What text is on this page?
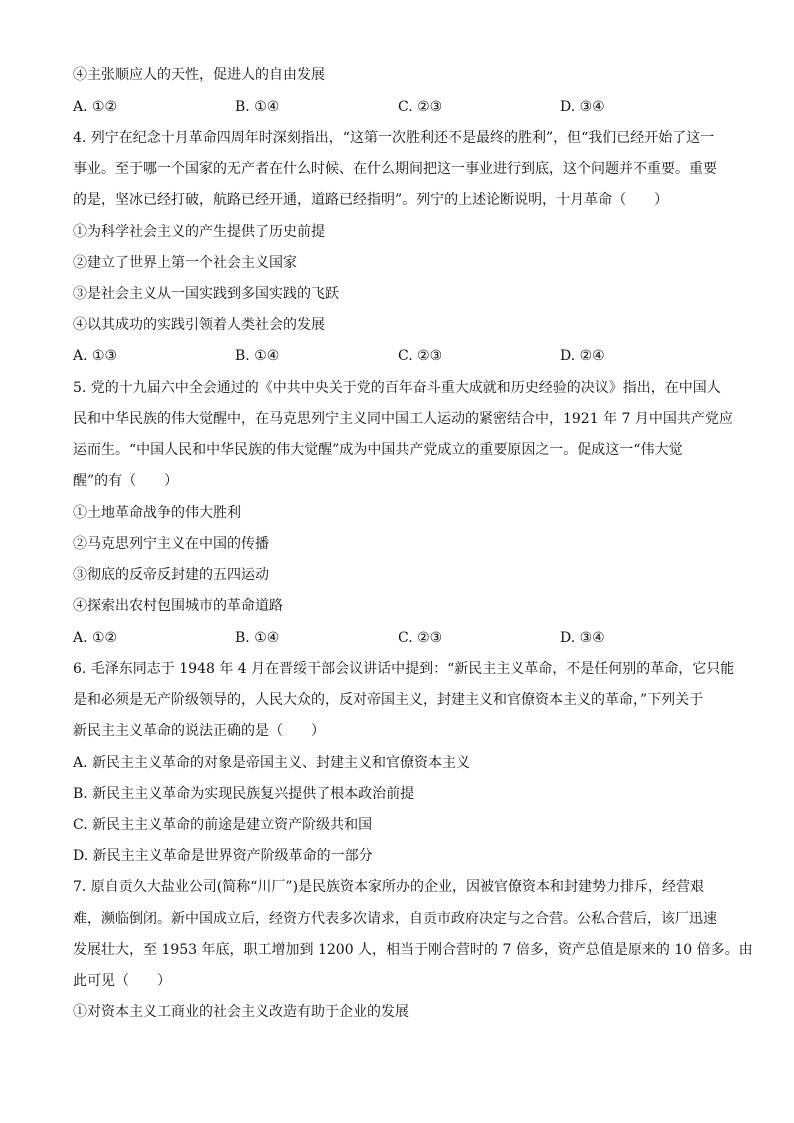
④主张顺应人的天性，促进人的自由发展
A. ①②	B. ①④	C. ②③	D. ③④
4. 列宁在纪念十月革命四周年时深刻指出，“这第一次胜利还不是最终的胜利”，但“我们已经开始了这一
事业。至于哪一个国家的无产者在什么时候、在什么期间把这一事业进行到底，这个问题并不重要。重要
的是，坚冰已经打破，航路已经开通，道路已经指明”。列宁的上述论断说明，十月革命（　　）
①为科学社会主义的产生提供了历史前提
②建立了世界上第一个社会主义国家
③是社会主义从一国实践到多国实践的飞跃
④以其成功的实践引领着人类社会的发展
A. ①③	B. ①④	C. ②③	D. ②④
5. 党的十九届六中全会通过的《中共中央关于党的百年奋斗重大成就和历史经验的决议》指出，在中国人
民和中华民族的伟大觉醒中，在马克思列宁主义同中国工人运动的紧密结合中，1921 年 7 月中国共产党应
运而生。“中国人民和中华民族的伟大觉醒”成为中国共产党成立的重要原因之一。促成这一“伟大觉
醒”的有（　　）
①土地革命战争的伟大胜利
②马克思列宁主义在中国的传播
③彻底的反帝反封建的五四运动
④探索出农村包围城市的革命道路
A. ①②	B. ①④	C. ②③	D. ③④
6. 毛泽东同志于 1948 年 4 月在晋绥干部会议讲话中提到：“新民主主义革命，不是任何别的革命，它只能
是和必须是无产阶级领导的，人民大众的，反对帝国主义，封建主义和官僚资本主义的革命，”下列关于
新民主主义革命的说法正确的是（　　）
A. 新民主主义革命的对象是帝国主义、封建主义和官僚资本主义
B. 新民主主义革命为实现民族复兴提供了根本政治前提
C. 新民主主义革命的前途是建立资产阶级共和国
D. 新民主主义革命是世界资产阶级革命的一部分
7. 原自贡久大盐业公司(简称“川厂”)是民族资本家所办的企业，因被官僚资本和封建势力排斥，经营艰
难，濒临倒闭。新中国成立后，经资方代表多次请求，自贡市政府决定与之合营。公私合营后，该厂迅速
发展壮大，至 1953 年底，职工增加到 1200 人，相当于刚合营时的 7 倍多，资产总值是原来的 10 倍多。由
此可见（　　）
①对资本主义工商业的社会主义改造有助于企业的发展
